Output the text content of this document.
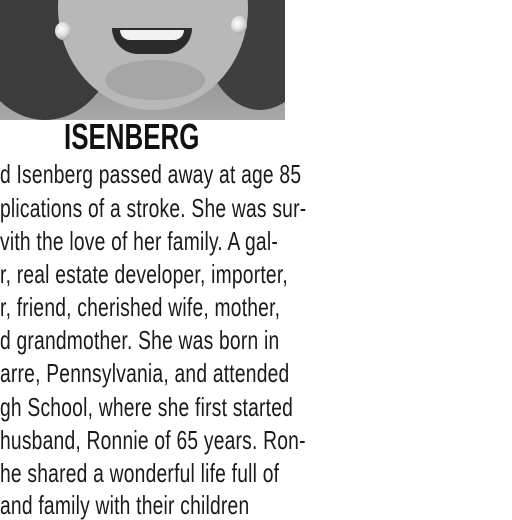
ISENBERG
d Isenberg passed away at age 85
plications of a stroke. She was sur-
vith the love of her family. A gal-
r, real estate developer, importer,
r, friend, cherished wife, mother,
d grandmother. She was born in
arre, Pennsylvania, and attended
gh School, where she first started
husband, Ronnie of 65 years. Ron-
he shared a wonderful life full of
and family with their children
